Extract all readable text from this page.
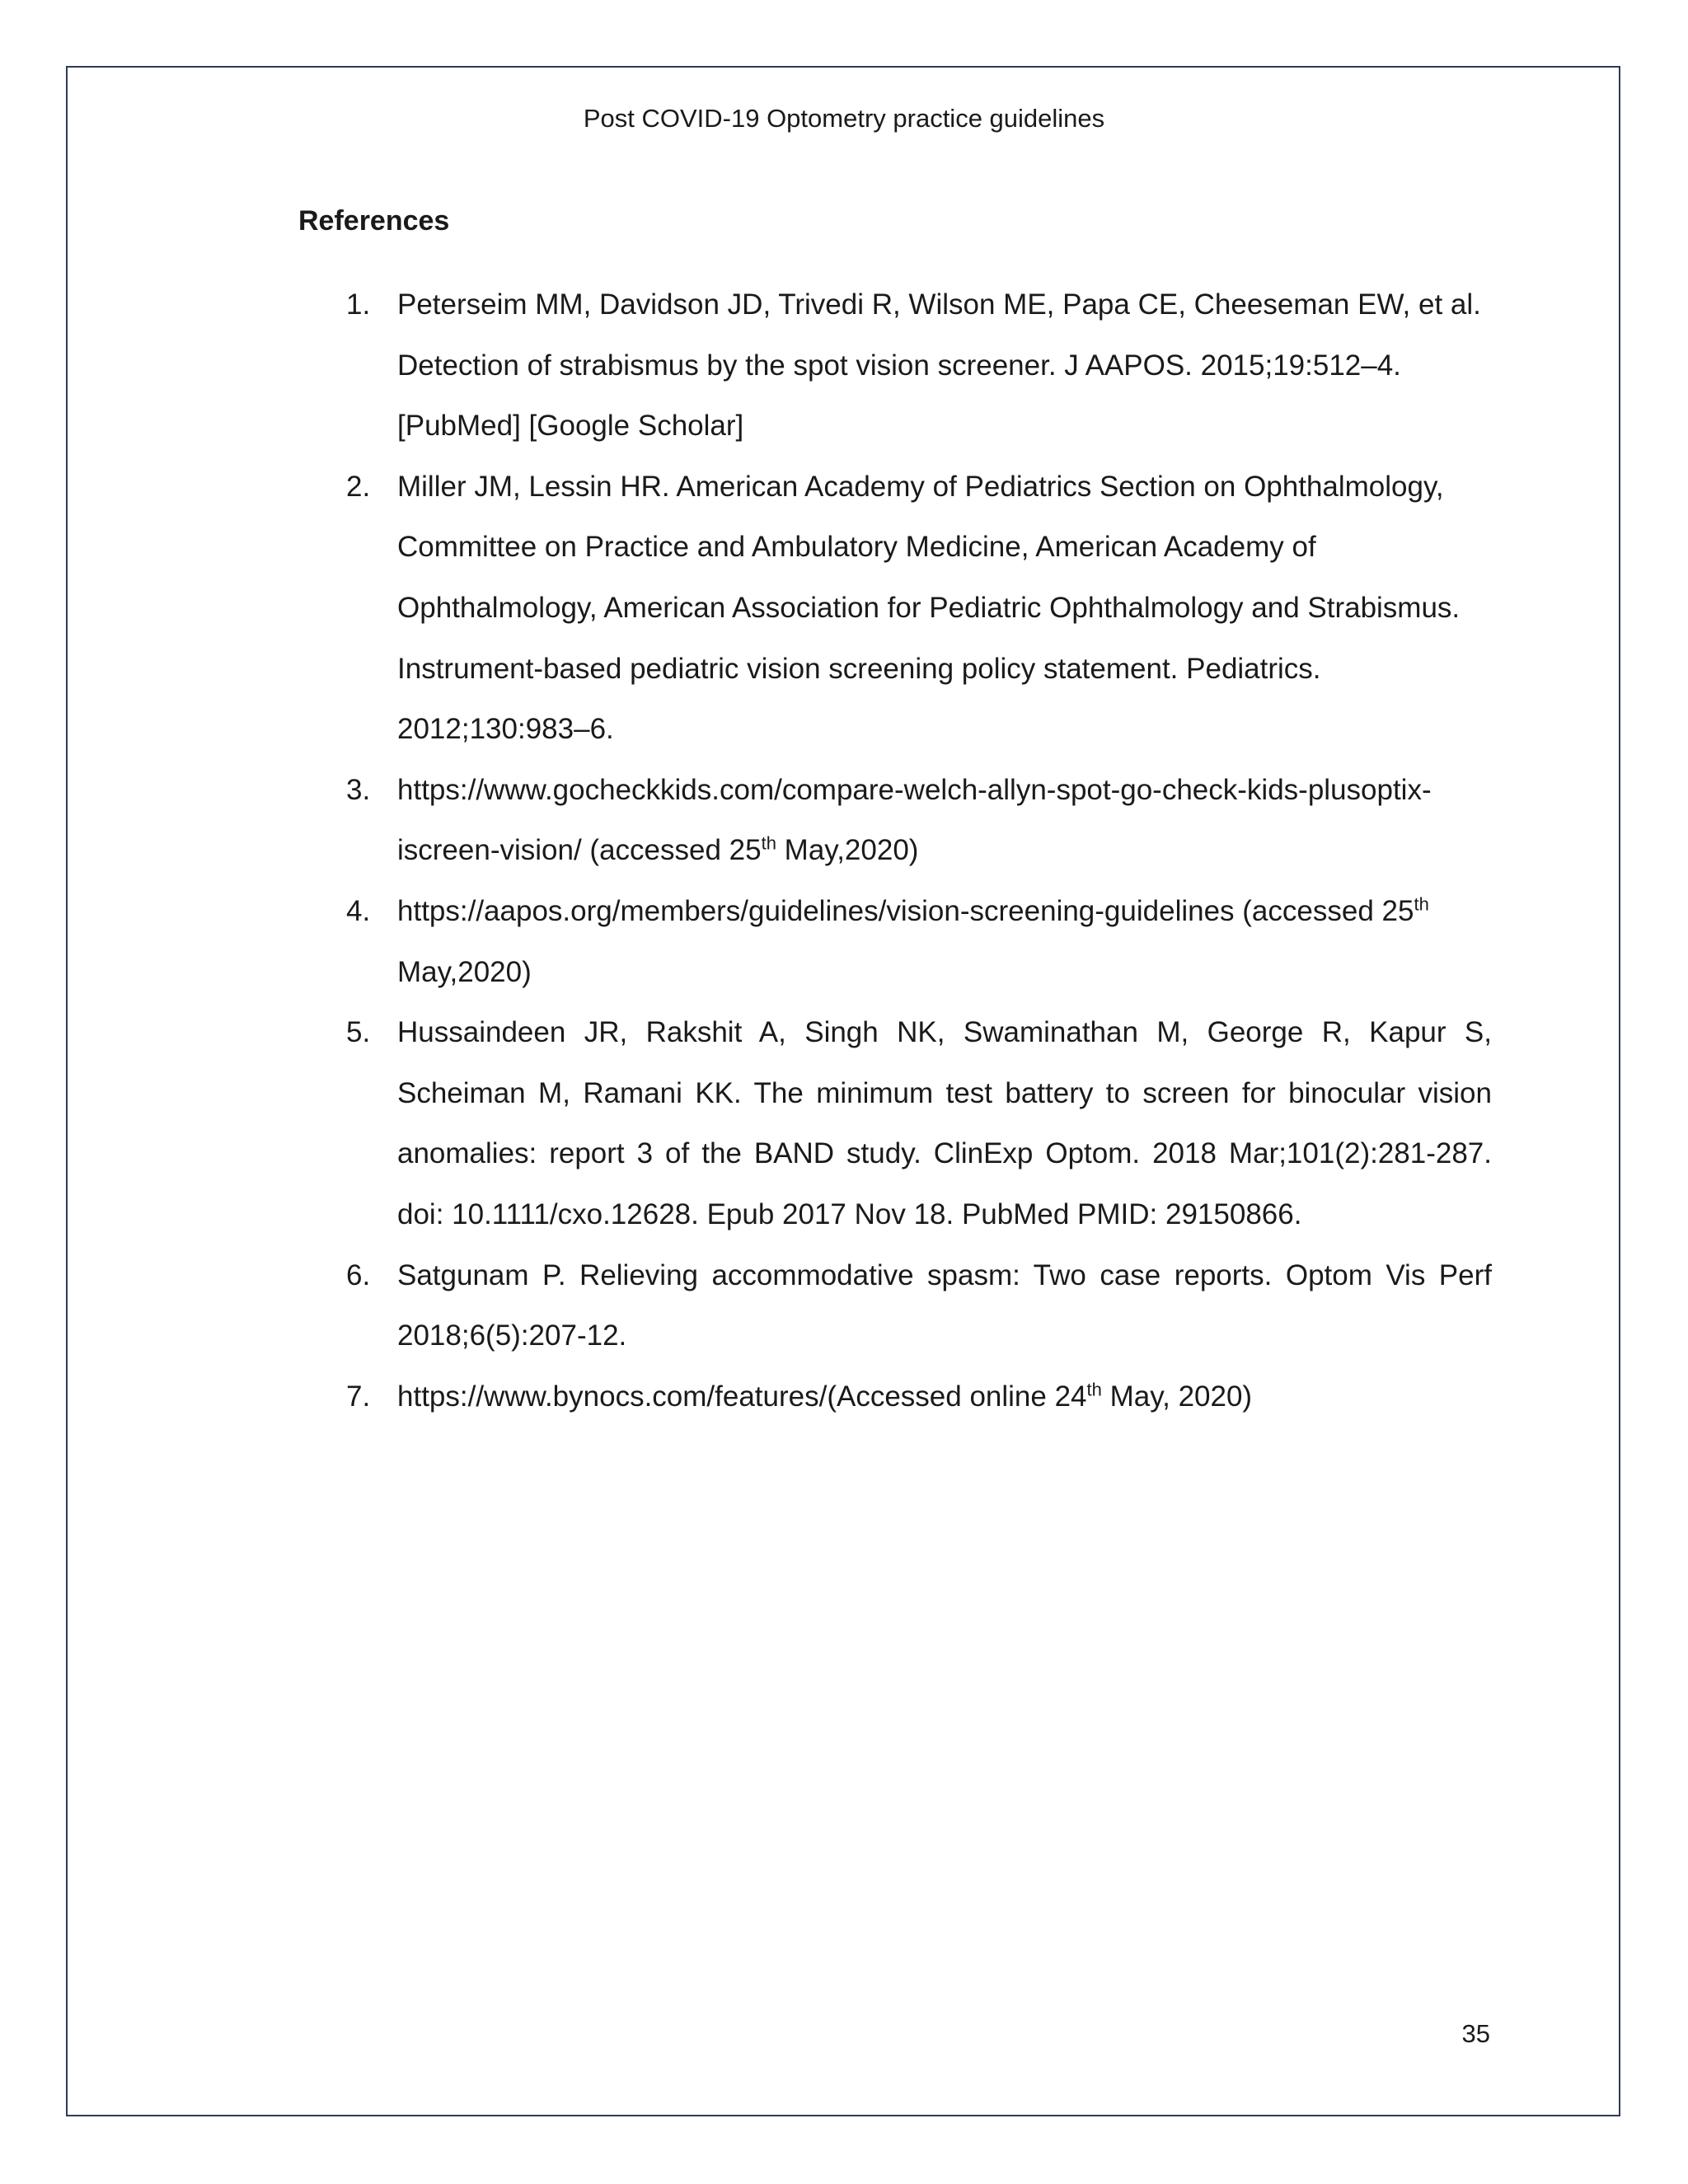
Post COVID-19 Optometry practice guidelines
References
1. Peterseim MM, Davidson JD, Trivedi R, Wilson ME, Papa CE, Cheeseman EW, et al. Detection of strabismus by the spot vision screener. J AAPOS. 2015;19:512–​4. [PubMed] [Google Scholar]
2. Miller JM, Lessin HR. American Academy of Pediatrics Section on Ophthalmology, Committee on Practice and Ambulatory Medicine, American Academy of Ophthalmology, American Association for Pediatric Ophthalmology and Strabismus. Instrument-based pediatric vision screening policy statement. Pediatrics. 2012;130:983–6.
3. https://www.gocheckkids.com/compare-welch-allyn-spot-go-check-kids-​plusoptix-iscreen-vision/ (accessed 25th May,2020)
4. https://aapos.org/members/guidelines/vision-screening-guidelines (accessed 25th May,2020)
5. Hussaindeen JR, Rakshit A, Singh NK, Swaminathan M, George R, Kapur S, Scheiman M, Ramani KK. The minimum test battery to screen for binocular vision anomalies: report 3 of the BAND study. ClinExp Optom. 2018 Mar;101(2):281-287. doi: 10.1111/cxo.12628. Epub 2017 Nov 18. PubMed PMID: 29150866.
6. Satgunam P. Relieving accommodative spasm: Two case reports. Optom Vis Perf 2018;6(5):207-12.
7. https://www.bynocs.com/features/(Accessed online 24th May, 2020)
35
